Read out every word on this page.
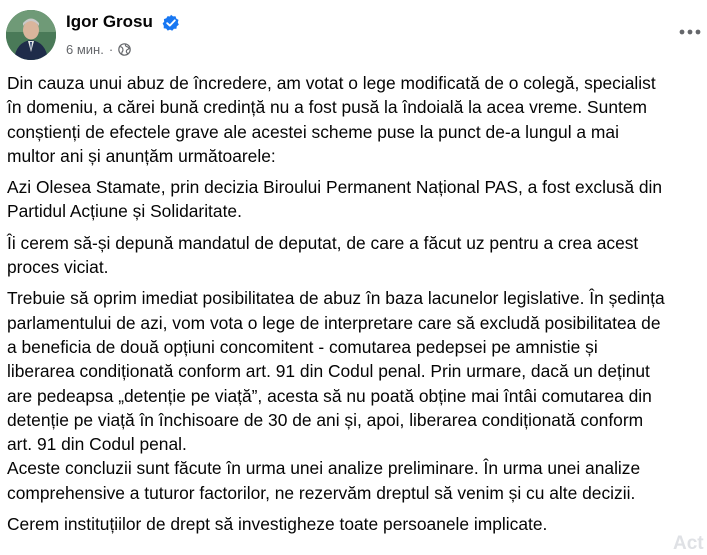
Igor Grosu
6 мин. ·

Din cauza unui abuz de încredere, am votat o lege modificată de o colegă, specialist
în domeniu, a cărei bună credință nu a fost pusă la îndoială la acea vreme. Suntem
conștienți de efectele grave ale acestei scheme puse la punct de-a lungul a mai
multor ani și anunțăm următoarele:

Azi Olesea Stamate, prin decizia Biroului Permanent Național PAS, a fost exclusă din
Partidul Acțiune și Solidaritate.

Îi cerem să-și depună mandatul de deputat, de care a făcut uz pentru a crea acest
proces viciat.

Trebuie să oprim imediat posibilitatea de abuz în baza lacunelor legislative. În ședința
parlamentului de azi, vom vota o lege de interpretare care să excludă posibilitatea de
a beneficia de două opțiuni concomitent - comutarea pedepsei pe amnistie și
liberarea condiționată conform art. 91 din Codul penal. Prin urmare, dacă un deținut
are pedeapsa „detenție pe viață”, acesta să nu poată obține mai întâi comutarea din
detenție pe viață în închisoare de 30 de ani și, apoi, liberarea condiționată conform
art. 91 din Codul penal.

Aceste concluzii sunt făcute în urma unei analize preliminare. În urma unei analize
comprehensive a tuturor factorilor, ne rezervăm dreptul să venim și cu alte decizii.

Cerem instituțiilor de drept să investigheze toate persoanele implicate.

Act
